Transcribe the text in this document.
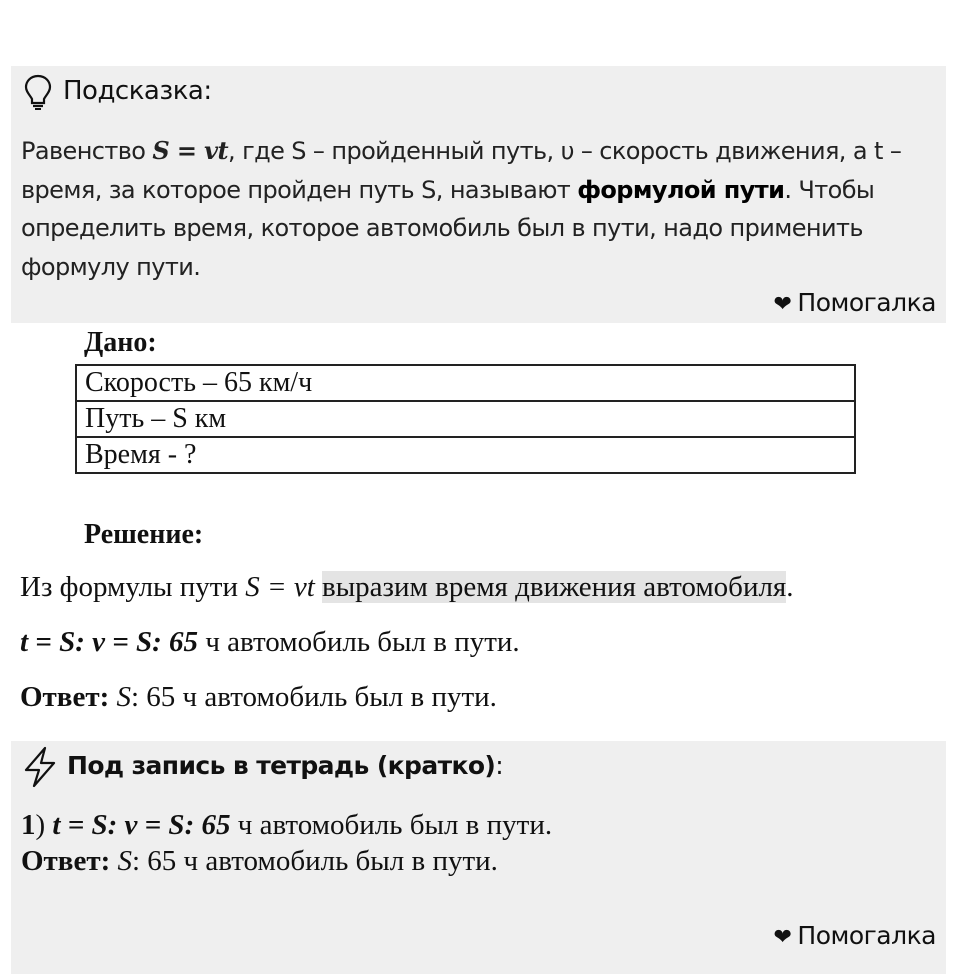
Подсказка:
Равенство S = vt, где S – пройденный путь, υ – скорость движения, а t – время, за которое пройден путь S, называют формулой пути. Чтобы определить время, которое автомобиль был в пути, надо применить формулу пути.
❤ Помогалка
Дано:
Скорость – 65 км/ч
Путь – S км
Время - ?
Решение:
Из формулы пути S = vt выразим время движения автомобиля.
t = S: v = S: 65 ч автомобиль был в пути.
Ответ: S: 65 ч автомобиль был в пути.
Под запись в тетрадь (кратко):
1) t = S: v = S: 65 ч автомобиль был в пути.
Ответ: S: 65 ч автомобиль был в пути.
❤ Помогалка
